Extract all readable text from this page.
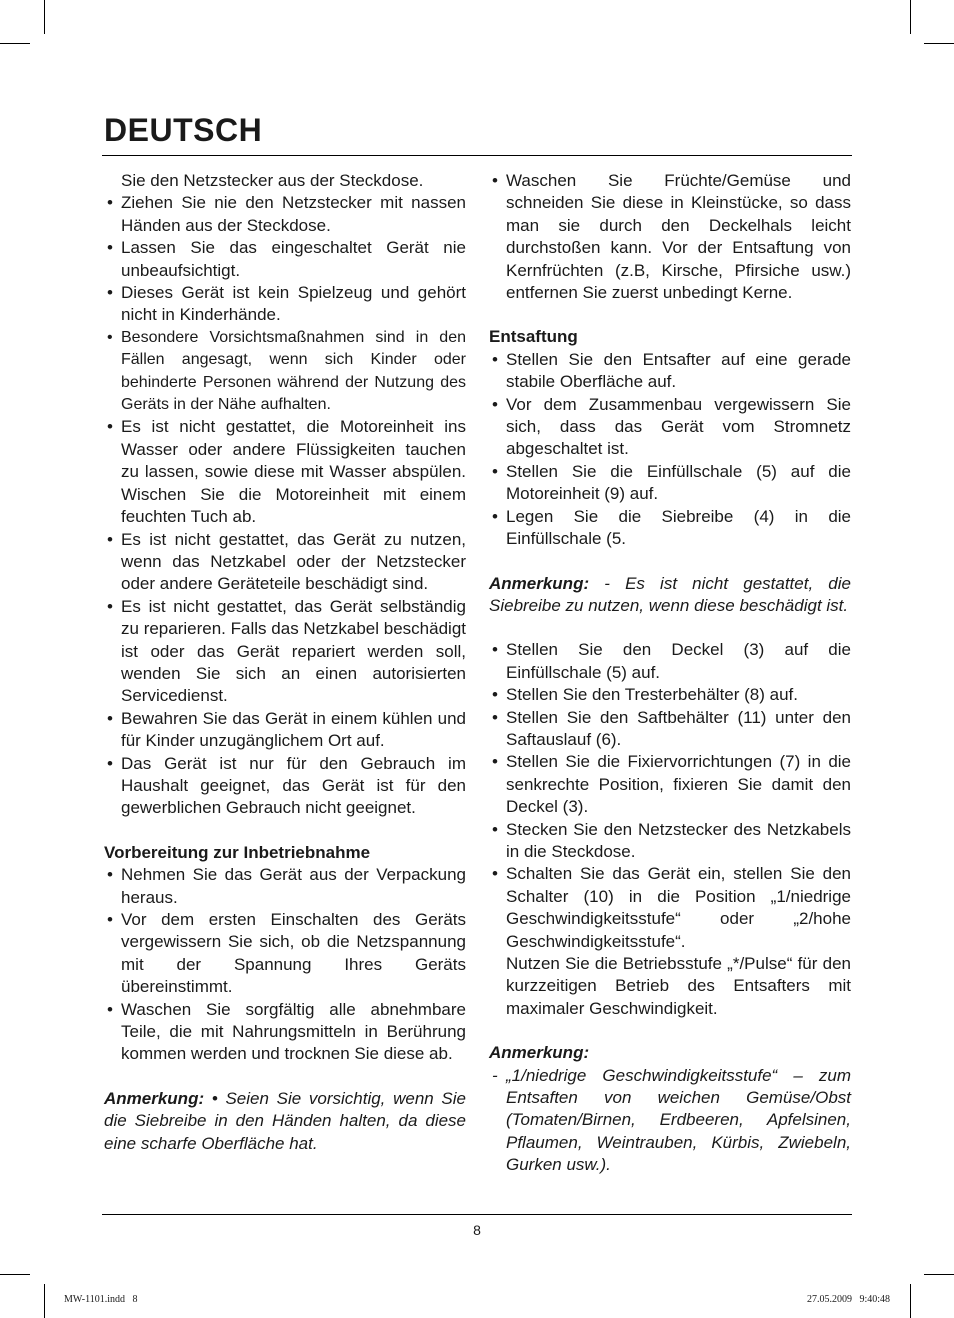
DEUTSCH
Sie den Netzstecker aus der Steckdose.
• Ziehen Sie nie den Netzstecker mit nassen Händen aus der Steckdose.
• Lassen Sie das eingeschaltet Gerät nie unbeaufsichtigt.
• Dieses Gerät ist kein Spielzeug und gehört nicht in Kinderhände.
• Besondere Vorsichtsmaßnahmen sind in den Fällen angesagt, wenn sich Kinder oder behinderte Personen während der Nutzung des Geräts in der Nähe aufhalten.
• Es ist nicht gestattet, die Motoreinheit ins Wasser oder andere Flüssigkeiten tauchen zu lassen, sowie diese mit Wasser abspülen. Wischen Sie die Motoreinheit mit einem feuchten Tuch ab.
• Es ist nicht gestattet, das Gerät zu nutzen, wenn das Netzkabel oder der Netzstecker oder andere Geräteteile beschädigt sind.
• Es ist nicht gestattet, das Gerät selbständig zu reparieren. Falls das Netzkabel beschädigt ist oder das Gerät repariert werden soll, wenden Sie sich an einen autorisierten Servicedienst.
• Bewahren Sie das Gerät in einem kühlen und für Kinder unzugänglichem Ort auf.
• Das Gerät ist nur für den Gebrauch im Haushalt geeignet, das Gerät ist für den gewerblichen Gebrauch nicht geeignet.
Vorbereitung zur Inbetriebnahme
• Nehmen Sie das Gerät aus der Verpackung heraus.
• Vor dem ersten Einschalten des Geräts vergewissern Sie sich, ob die Netzspannung mit der Spannung Ihres Geräts übereinstimmt.
• Waschen Sie sorgfältig alle abnehmbare Teile, die mit Nahrungsmitteln in Berührung kommen werden und trocknen Sie diese ab.
Anmerkung: • Seien Sie vorsichtig, wenn Sie die Siebreibe in den Händen halten, da diese eine scharfe Oberfläche hat.
• Waschen Sie Früchte/Gemüse und schneiden Sie diese in Kleinstücke, so dass man sie durch den Deckelhals leicht durchstoßen kann. Vor der Entsaftung von Kernfrüchten (z.B, Kirsche, Pfirsiche usw.) entfernen Sie zuerst unbedingt Kerne.
Entsaftung
• Stellen Sie den Entsafter auf eine gerade stabile Oberfläche auf.
• Vor dem Zusammenbau vergewissern Sie sich, dass das Gerät vom Stromnetz abgeschaltet ist.
• Stellen Sie die Einfüllschale (5) auf die Motoreinheit (9) auf.
• Legen Sie die Siebreibe (4) in die Einfüllschale (5.
Anmerkung: - Es ist nicht gestattet, die Siebreibe zu nutzen, wenn diese beschädigt ist.
• Stellen Sie den Deckel (3) auf die Einfüllschale (5) auf.
• Stellen Sie den Tresterbehälter (8) auf.
• Stellen Sie den Saftbehälter (11) unter den Saftauslauf (6).
• Stellen Sie die Fixiervorrichtungen (7) in die senkrechte Position, fixieren Sie damit den Deckel (3).
• Stecken Sie den Netzstecker des Netzkabels in die Steckdose.
• Schalten Sie das Gerät ein, stellen Sie den Schalter (10) in die Position „1/niedrige Geschwindigkeitsstufe“ oder „2/hohe Geschwindigkeitsstufe“.
Nutzen Sie die Betriebsstufe „*/Pulse“ für den kurzzeitigen Betrieb des Entsafters mit maximaler Geschwindigkeit.
Anmerkung:
- „1/niedrige Geschwindigkeitsstufe“ – zum Entsaften von weichen Gemüse/Obst (Tomaten/Birnen, Erdbeeren, Apfelsinen, Pflaumen, Weintrauben, Kürbis, Zwiebeln, Gurken usw.).
8
MW-1101.indd   8	27.05.2009   9:40:48
